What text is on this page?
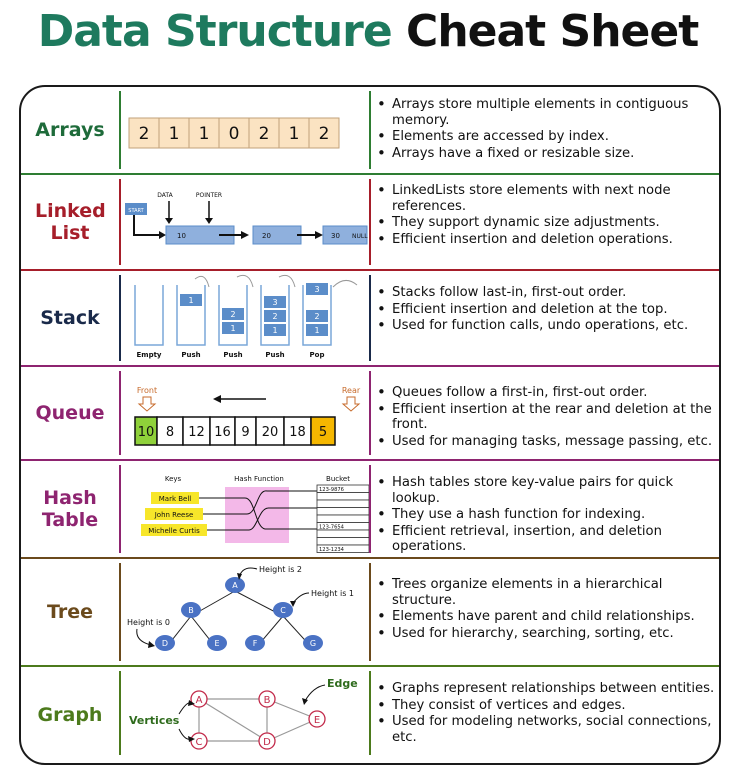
Data Structure Cheat Sheet
Arrays	2 1 1 0 2 1 2
• Arrays store multiple elements in contiguous memory.
• Elements are accessed by index.
• Arrays have a fixed or resizable size.
Linked List
START
DATA	POINTER
10	20	30 NULL
• LinkedLists store elements with next node references.
• They support dynamic size adjustments.
• Efficient insertion and deletion operations.
Stack
1
2
1
3
2
1
3
2
1
Empty	Push	Push	Push	Pop
• Stacks follow last-in, first-out order.
• Efficient insertion and deletion at the top.
• Used for function calls, undo operations, etc.
Queue
Front	Rear
10 8 12 16 9 20 18 5
• Queues follow a first-in, first-out order.
• Efficient insertion at the rear and deletion at the front.
• Used for managing tasks, message passing, etc.
Hash Table
Keys	Hash Function	Bucket
Mark Bell
John Reese
Michelle Curtis
123-9876
123-7654
123-1234
• Hash tables store key-value pairs for quick lookup.
• They use a hash function for indexing.
• Efficient retrieval, insertion, and deletion operations.
Tree
A
B	C
D	E	F	G
Height is 2
Height is 1
Height is 0
• Trees organize elements in a hierarchical structure.
• Elements have parent and child relationships.
• Used for hierarchy, searching, sorting, etc.
Graph
A	B
C	D
E
Vertices
Edge
•	Graphs represent relationships between entities.
• They consist of vertices and edges.
• Used for modeling networks, social connections, etc.
